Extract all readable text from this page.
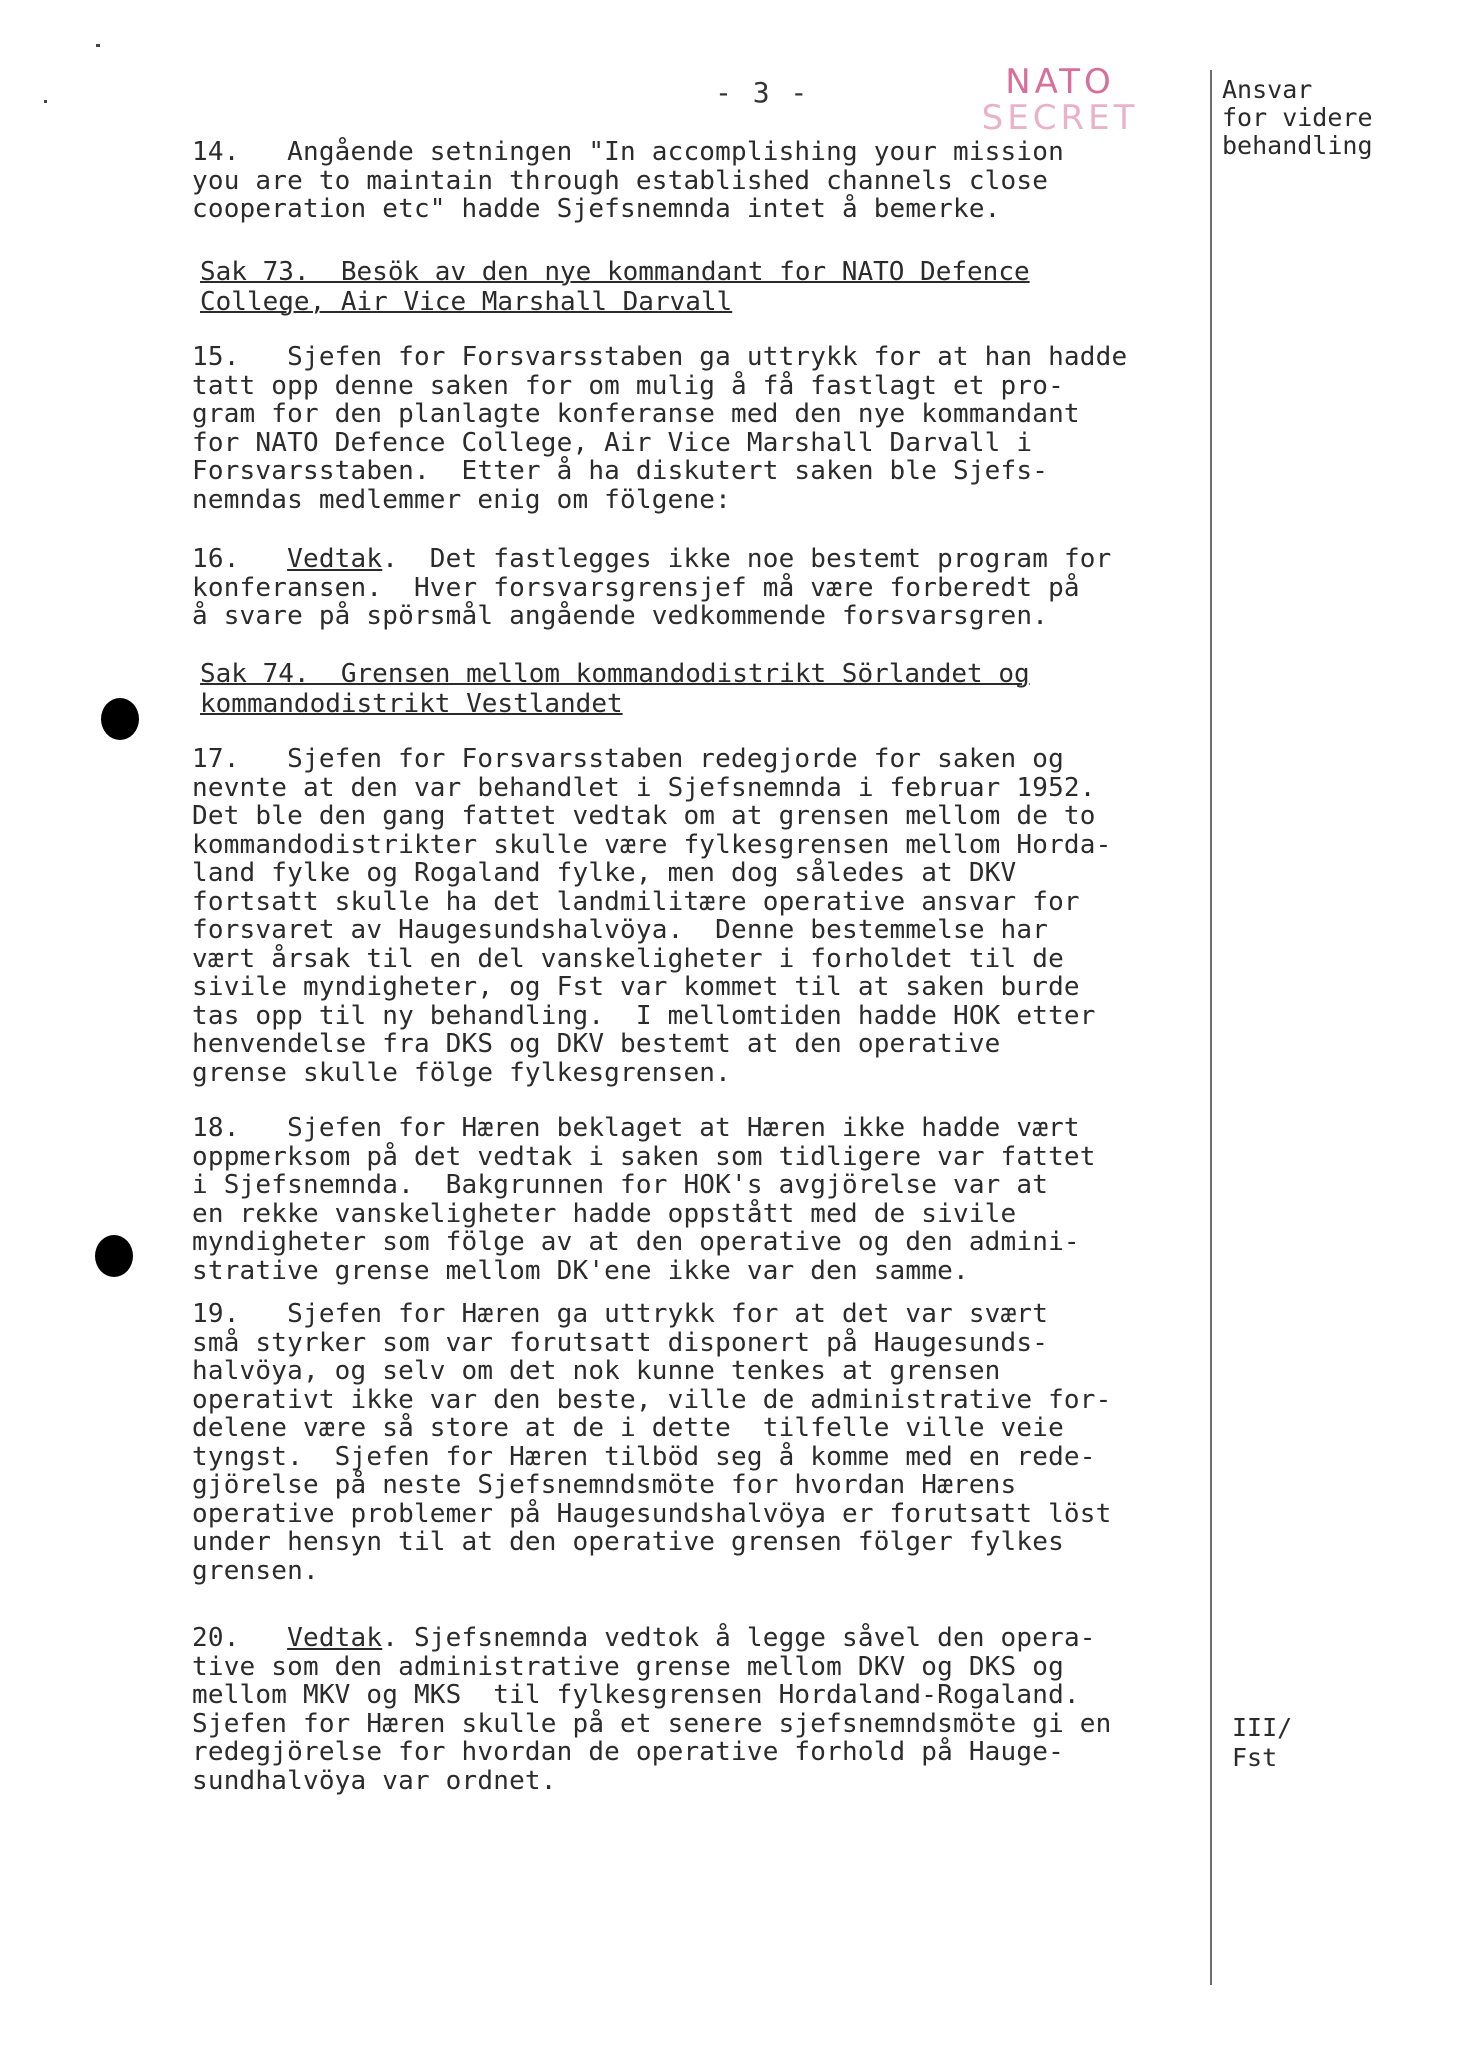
- 3 -	NATO
SECRET
Ansvar
for videre
behandling
14.   Angående setningen "In accomplishing your mission
you are to maintain through established channels close
cooperation etc" hadde Sjefsnemnda intet å bemerke.
Sak 73.  Besök av den nye kommandant for NATO Defence
College, Air Vice Marshall Darvall
15.   Sjefen for Forsvarsstaben ga uttrykk for at han hadde
tatt opp denne saken for om mulig å få fastlagt et pro-
gram for den planlagte konferanse med den nye kommandant
for NATO Defence College, Air Vice Marshall Darvall i
Forsvarsstaben.  Etter å ha diskutert saken ble Sjefs-
nemndas medlemmer enig om fölgene:
16.   Vedtak.  Det fastlegges ikke noe bestemt program for
konferansen.  Hver forsvarsgrensjef må være forberedt på
å svare på spörsmål angående vedkommende forsvarsgren.
Sak 74.  Grensen mellom kommandodistrikt Sörlandet og
kommandodistrikt Vestlandet
17.   Sjefen for Forsvarsstaben redegjorde for saken og
nevnte at den var behandlet i Sjefsnemnda i februar 1952.
Det ble den gang fattet vedtak om at grensen mellom de to
kommandodistrikter skulle være fylkesgrensen mellom Horda-
land fylke og Rogaland fylke, men dog således at DKV
fortsatt skulle ha det landmilitære operative ansvar for
forsvaret av Haugesundshalvöya.  Denne bestemmelse har
vært årsak til en del vanskeligheter i forholdet til de
sivile myndigheter, og Fst var kommet til at saken burde
tas opp til ny behandling.  I mellomtiden hadde HOK etter
henvendelse fra DKS og DKV bestemt at den operative
grense skulle fölge fylkesgrensen.
18.   Sjefen for Hæren beklaget at Hæren ikke hadde vært
oppmerksom på det vedtak i saken som tidligere var fattet
i Sjefsnemnda.  Bakgrunnen for HOK's avgjörelse var at
en rekke vanskeligheter hadde oppstått med de sivile
myndigheter som fölge av at den operative og den admini-
strative grense mellom DK'ene ikke var den samme.
19.   Sjefen for Hæren ga uttrykk for at det var svært
små styrker som var forutsatt disponert på Haugesunds-
halvöya, og selv om det nok kunne tenkes at grensen
operativt ikke var den beste, ville de administrative for-
delene være så store at de i dette  tilfelle ville veie
tyngst.  Sjefen for Hæren tilböd seg å komme med en rede-
gjörelse på neste Sjefsnemndsmöte for hvordan Hærens
operative problemer på Haugesundshalvöya er forutsatt löst
under hensyn til at den operative grensen fölger fylkes
grensen.
20.   Vedtak. Sjefsnemnda vedtok å legge såvel den opera-
tive som den administrative grense mellom DKV og DKS og
mellom MKV og MKS  til fylkesgrensen Hordaland-Rogaland.
Sjefen for Hæren skulle på et senere sjefsnemndsmöte gi en
redegjörelse for hvordan de operative forhold på Hauge-
sundhalvöya var ordnet.
III/
Fst
